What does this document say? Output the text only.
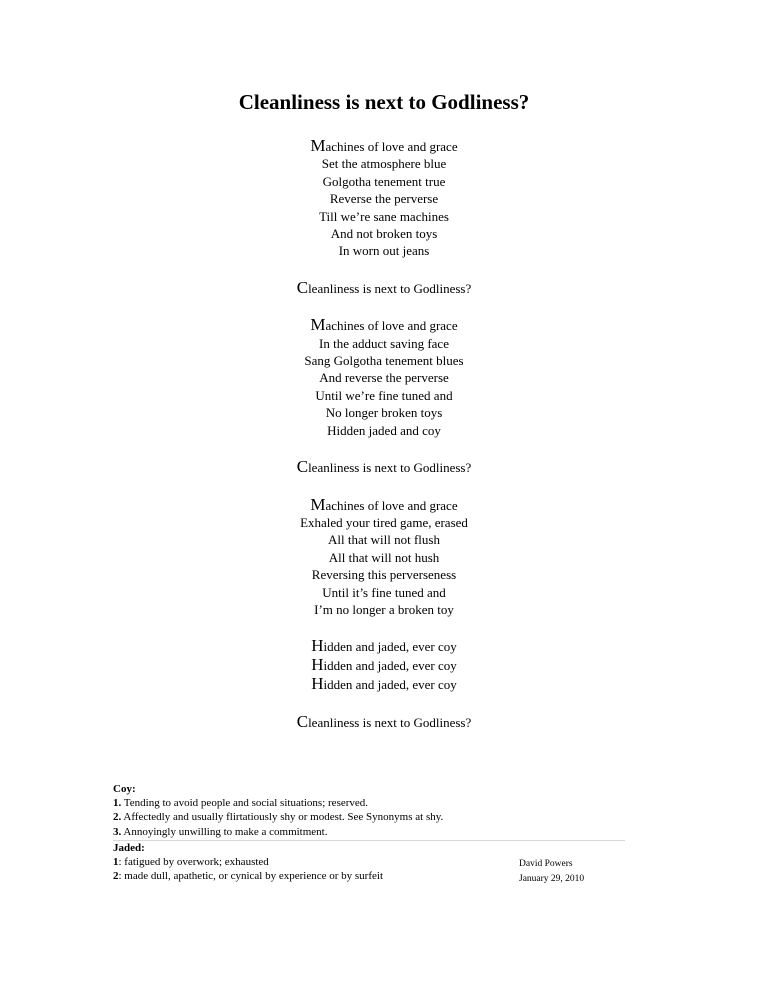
Cleanliness is next to Godliness?
Machines of love and grace
Set the atmosphere blue
Golgotha tenement true
Reverse the perverse
Till we’re sane machines
And not broken toys
In worn out jeans
Cleanliness is next to Godliness?
Machines of love and grace
In the adduct saving face
Sang Golgotha tenement blues
And reverse the perverse
Until we’re fine tuned and
No longer broken toys
Hidden jaded and coy
Cleanliness is next to Godliness?
Machines of love and grace
Exhaled your tired game, erased
All that will not flush
All that will not hush
Reversing this perverseness
Until it’s fine tuned and
I’m no longer a broken toy
Hidden and jaded, ever coy
Hidden and jaded, ever coy
Hidden and jaded, ever coy
Cleanliness is next to Godliness?
Coy:
1. Tending to avoid people and social situations; reserved.
2. Affectedly and usually flirtatiously shy or modest. See Synonyms at shy.
3. Annoyingly unwilling to make a commitment.
Jaded:
1: fatigued by overwork; exhausted
2: made dull, apathetic, or cynical by experience or by surfeit
David Powers
January 29, 2010
